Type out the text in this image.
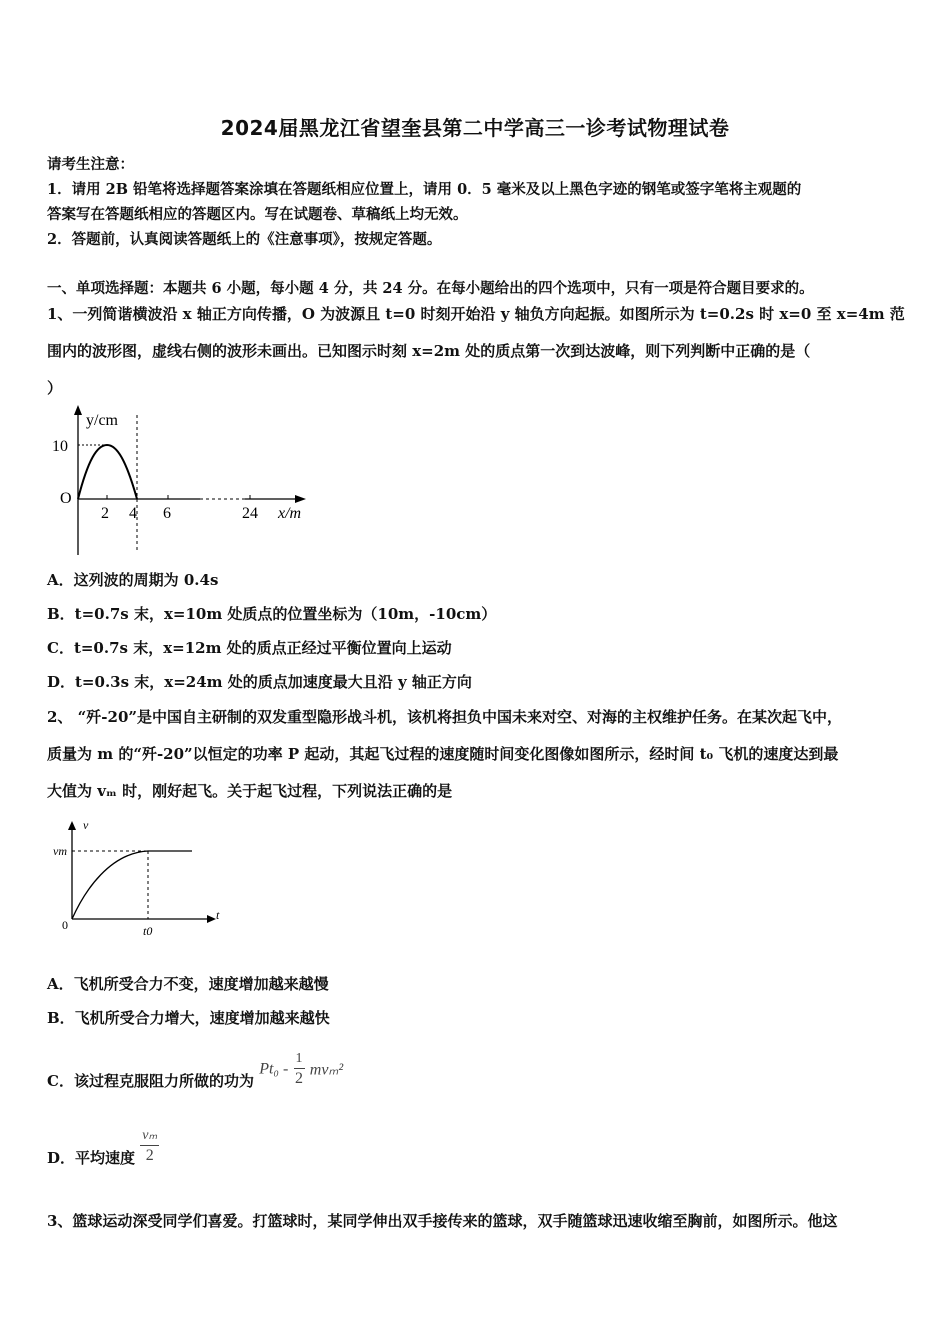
2024届黑龙江省望奎县第二中学高三一诊考试物理试卷
请考生注意：
1．请用 2B 铅笔将选择题答案涂填在答题纸相应位置上，请用 0．5 毫米及以上黑色字迹的钢笔或签字笔将主观题的
答案写在答题纸相应的答题区内。写在试题卷、草稿纸上均无效。
2．答题前，认真阅读答题纸上的《注意事项》，按规定答题。
一、单项选择题：本题共 6 小题，每小题 4 分，共 24 分。在每小题给出的四个选项中，只有一项是符合题目要求的。
1、一列简谐横波沿 x 轴正方向传播，O 为波源且 t=0 时刻开始沿 y 轴负方向起振。如图所示为 t=0.2s 时 x=0 至 x=4m 范
围内的波形图，虚线右侧的波形未画出。已知图示时刻 x=2m 处的质点第一次到达波峰，则下列判断中正确的是（
）
y/cm
10
O
2 4 6	24 x/m
A．这列波的周期为 0.4s
B．t=0.7s 末，x=10m 处质点的位置坐标为（10m，-10cm）
C．t=0.7s 末，x=12m 处的质点正经过平衡位置向上运动
D．t=0.3s 末，x=24m 处的质点加速度最大且沿 y 轴正方向
2、 “歼-20”是中国自主研制的双发重型隐形战斗机，该机将担负中国未来对空、对海的主权维护任务。在某次起飞中，
质量为 m 的“歼-20”以恒定的功率 P 起动，其起飞过程的速度随时间变化图像如图所示，经时间 t₀ 飞机的速度达到最
大值为 vₘ 时，刚好起飞。关于起飞过程，下列说法正确的是
v
vm
0	t0
t
A．飞机所受合力不变，速度增加越来越慢
B．飞机所受合力增大，速度增加越来越快
C．该过程克服阻力所做的功为 $Pt_0 - \frac{1}{2} mv_m^2$
D．平均速度 $\frac{\text{vₘ}}{2}$
3、篮球运动深受同学们喜爱。打篮球时，某同学伸出双手接传来的篮球，双手随篮球迅速收缩至胸前，如图所示。他这
